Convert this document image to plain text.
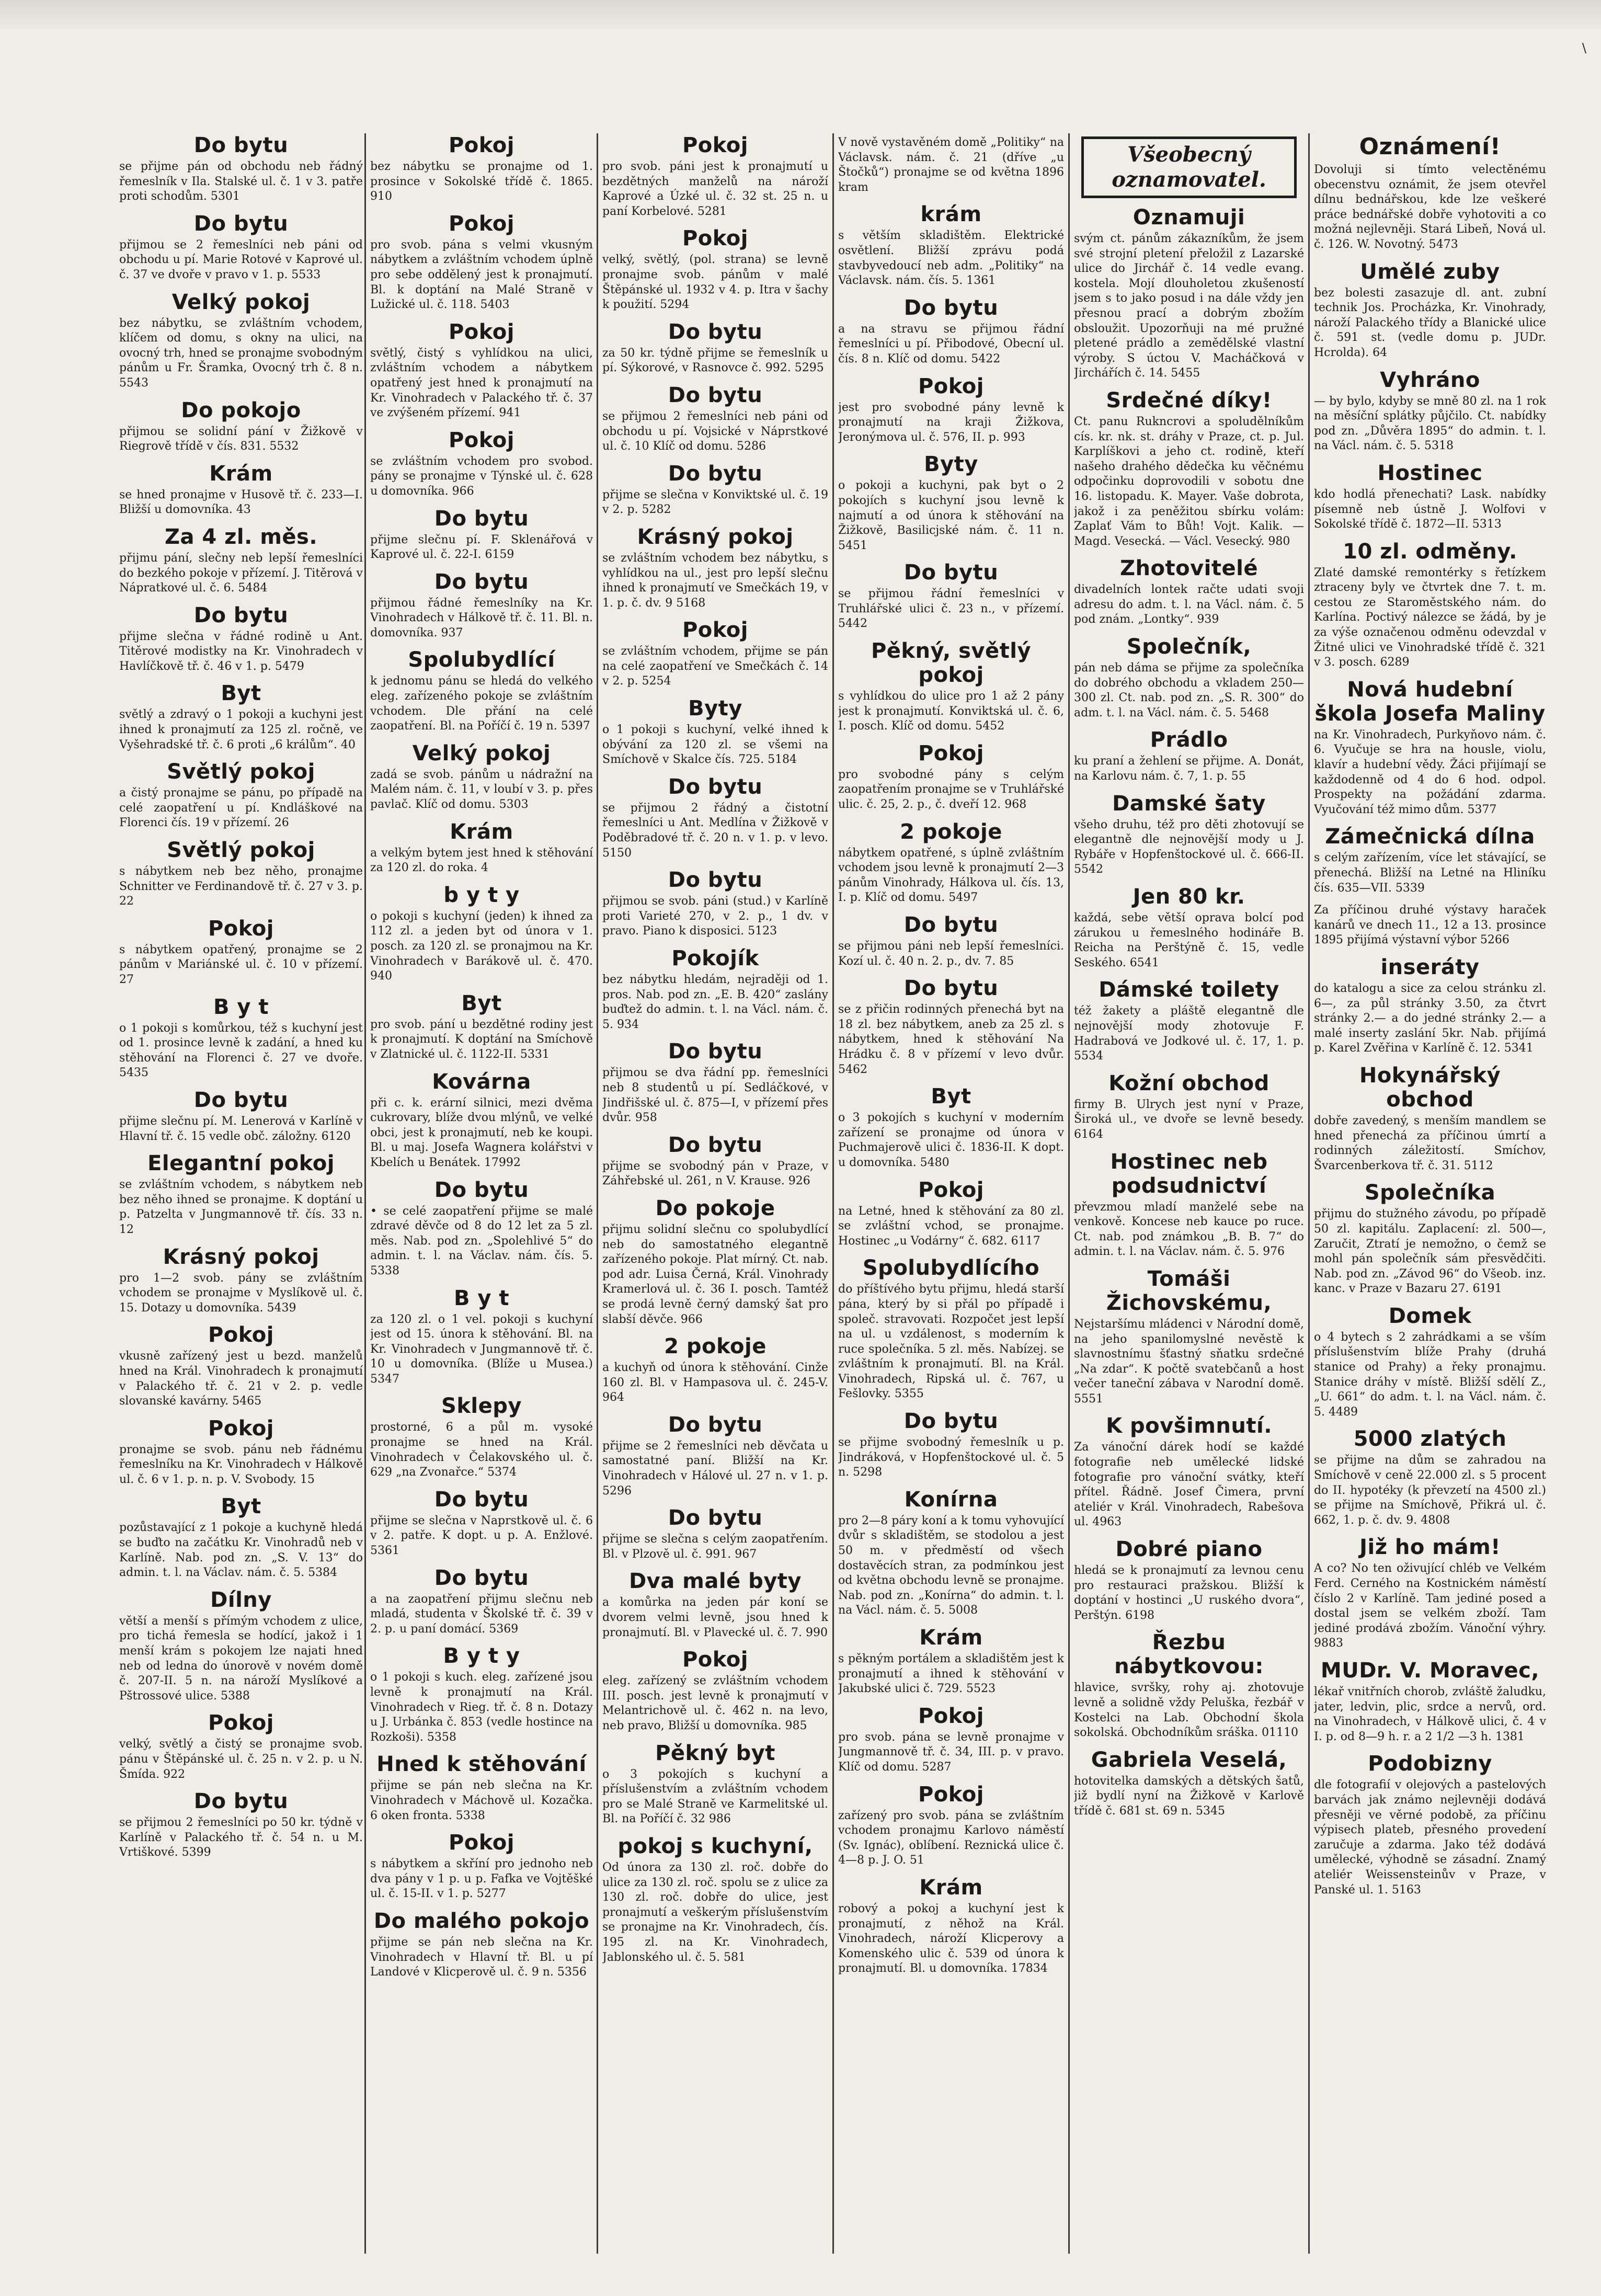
\
Do bytu
se přijme pán od obchodu neb řádný řemeslník v Ila. Stalské ul. č. 1 v 3. patře proti schodům. 5301
Do bytu
přijmou se 2 řemeslníci neb páni od obchodu u pí. Marie Rotové v Kaprové ul. č. 37 ve dvoře v pravo v 1. p. 5533
Velký pokoj
bez nábytku, se zvláštním vchodem, klíčem od domu, s okny na ulici, na ovocný trh, hned se pronajme svobodným pánům u Fr. Šramka, Ovocný trh č. 8 n. 5543
Do pokojo
přijmou se solidní pání v Žižkově v Riegrově třídě v čís. 831. 5532
Krám
se hned pronajme v Husově tř. č. 233—I. Bližší u domovníka. 43
Za 4 zl. měs.
přijmu pání, slečny neb lepší řemeslníci do bezkého pokoje v přízemí. J. Titěrová v Nápratkové ul. č. 6. 5484
Do bytu
přijme slečna v řádné rodině u Ant. Titěrové modistky na Kr. Vinohradech v Havlíčkově tř. č. 46 v 1. p. 5479
Byt
světlý a zdravý o 1 pokoji a kuchyni jest ihned k pronajmutí za 125 zl. ročně, ve Vyšehradské tř. č. 6 proti „6 králům“. 40
Světlý pokoj
a čistý pronajme se pánu, po případě na celé zaopatření u pí. Kndláškové na Florenci čís. 19 v přízemí. 26
Světlý pokoj
s nábytkem neb bez něho, pronajme Schnitter ve Ferdinandově tř. č. 27 v 3. p. 22
Pokoj
s nábytkem opatřený, pronajme se 2 pánům v Mariánské ul. č. 10 v přízemí. 27
B y t
o 1 pokoji s komůrkou, též s kuchyní jest od 1. prosince levně k zadání, a hned ku stěhování na Florenci č. 27 ve dvoře. 5435
Do bytu
přijme slečnu pí. M. Lenerová v Karlíně v Hlavní tř. č. 15 vedle obč. záložny. 6120
Elegantní pokoj
se zvláštním vchodem, s nábytkem neb bez něho ihned se pronajme. K doptání u p. Patzelta v Jungmannově tř. čís. 33 n. 12
Krásný pokoj
pro 1—2 svob. pány se zvláštním vchodem se pronajme v Myslíkově ul. č. 15. Dotazy u domovníka. 5439
Pokoj
vkusně zařízený jest u bezd. manželů hned na Král. Vinohradech k pronajmutí v Palackého tř. č. 21 v 2. p. vedle slovanské kavárny. 5465
Pokoj
pronajme se svob. pánu neb řádnému řemeslníku na Kr. Vinohradech v Hálkově ul. č. 6 v 1. p. n. p. V. Svobody. 15
Byt
pozůstavající z 1 pokoje a kuchyně hledá se buďto na začátku Kr. Vinohradů neb v Karlíně. Nab. pod zn. „S. V. 13“ do admin. t. l. na Václav. nám. č. 5. 5384
Dílny
větší a menší s přímým vchodem z ulice, pro tichá řemesla se hodící, jakož i 1 menší krám s pokojem lze najati hned neb od ledna do únorově v novém domě č. 207-II. 5 n. na nároží Myslíkové a Pštrossové ulice. 5388
Pokoj
velký, světlý a čistý se pronajme svob. pánu v Štěpánské ul. č. 25 n. v 2. p. u N. Šmída. 922
Do bytu
se přijmou 2 řemeslníci po 50 kr. týdně v Karlíně v Palackého tř. č. 54 n. u M. Vrtiškové. 5399
Pokoj
bez nábytku se pronajme od 1. prosince v Sokolské třídě č. 1865. 910
Pokoj
pro svob. pána s velmi vkusným nábytkem a zvláštním vchodem úplně pro sebe oddělený jest k pronajmutí. Bl. k doptání na Malé Straně v Lužické ul. č. 118. 5403
Pokoj
světlý, čistý s vyhlídkou na ulici, zvláštním vchodem a nábytkem opatřený jest hned k pronajmutí na Kr. Vinohradech v Palackého tř. č. 37 ve zvýšeném přízemí. 941
Pokoj
se zvláštním vchodem pro svobod. pány se pronajme v Týnské ul. č. 628 u domovníka. 966
Do bytu
přijme slečnu pí. F. Sklenářová v Kaprové ul. č. 22-I. 6159
Do bytu
přijmou řádné řemeslníky na Kr. Vinohradech v Hálkově tř. č. 11. Bl. n. domovníka. 937
Spolubydlící
k jednomu pánu se hledá do velkého eleg. zařízeného pokoje se zvláštním vchodem. Dle přání na celé zaopatření. Bl. na Poříčí č. 19 n. 5397
Velký pokoj
zadá se svob. pánům u nádražní na Malém nám. č. 11, v loubí v 3. p. přes pavlač. Klíč od domu. 5303
Krám
a velkým bytem jest hned k stěhování za 120 zl. do roka. 4
b y t y
o pokoji s kuchyní (jeden) k ihned za 112 zl. a jeden byt od února v 1. posch. za 120 zl. se pronajmou na Kr. Vinohradech v Barákově ul. č. 470. 940
Byt
pro svob. pání u bezdětné rodiny jest k pronajmutí. K doptání na Smíchově v Zlatnické ul. č. 1122-II. 5331
Kovárna
při c. k. erární silnici, mezi dvěma cukrovary, blíže dvou mlýnů, ve velké obci, jest k pronajmutí, neb ke koupi. Bl. u maj. Josefa Wagnera kolářstvi v Kbelích u Benátek. 17992
Do bytu
• se celé zaopatření přijme se malé zdravé děvče od 8 do 12 let za 5 zl. měs. Nab. pod zn. „Spolehlivé 5“ do admin. t. l. na Václav. nám. čís. 5. 5338
B y t
za 120 zl. o 1 vel. pokoji s kuchyní jest od 15. února k stěhování. Bl. na Kr. Vinohradech v Jungmannově tř. č. 10 u domovníka. (Blíže u Musea.) 5347
Sklepy
prostorné, 6 a půl m. vysoké pronajme se hned na Král. Vinohradech v Čelakovského ul. č. 629 „na Zvonařce.“ 5374
Do bytu
přijme se slečna v Naprstkově ul. č. 6 v 2. patře. K dopt. u p. A. Enžlové. 5361
Do bytu
a na zaopatření přijmu slečnu neb mladá, studenta v Školské tř. č. 39 v 2. p. u paní domácí. 5369
B y t y
o 1 pokoji s kuch. eleg. zařízené jsou levně k pronajmutí na Král. Vinohradech v Rieg. tř. č. 8 n. Dotazy u J. Urbánka č. 853 (vedle hostince na Rozkoši). 5358
Hned k stěhování
přijme se pán neb slečna na Kr. Vinohradech v Máchově ul. Kozačka. 6 oken fronta. 5338
Pokoj
s nábytkem a skříní pro jednoho neb dva pány v 1 p. u p. Fafka ve Vojtěšké ul. č. 15-II. v 1. p. 5277
Do malého pokojo
přijme se pán neb slečna na Kr. Vinohradech v Hlavní tř. Bl. u pí Landové v Klicperově ul. č. 9 n. 5356
Pokoj
pro svob. páni jest k pronajmutí u bezdětných manželů na nároží Kaprové a Úzké ul. č. 32 st. 25 n. u paní Korbelové. 5281
Pokoj
velký, světlý, (pol. strana) se levně pronajme svob. pánům v malé Štěpánské ul. 1932 v 4. p. Itra v šachy k použití. 5294
Do bytu
za 50 kr. týdně přijme se řemeslník u pí. Sýkorové, v Rasnovce č. 992. 5295
Do bytu
se přijmou 2 řemeslníci neb páni od obchodu u pí. Vojsické v Náprstkové ul. č. 10 Klíč od domu. 5286
Do bytu
přijme se slečna v Konviktské ul. č. 19 v 2. p. 5282
Krásný pokoj
se zvláštním vchodem bez nábytku, s vyhlídkou na ul., jest pro lepší slečnu ihned k pronajmutí ve Smečkách 19, v 1. p. č. dv. 9 5168
Pokoj
se zvláštním vchodem, přijme se pán na celé zaopatření ve Smečkách č. 14 v 2. p. 5254
Byty
o 1 pokoji s kuchyní, velké ihned k obývání za 120 zl. se všemi na Smíchově v Skalce čís. 725. 5184
Do bytu
se přijmou 2 řádný a čistotní řemeslníci u Ant. Medlína v Žižkově v Poděbradové tř. č. 20 n. v 1. p. v levo. 5150
Do bytu
přijmou se svob. páni (stud.) v Karlíně proti Varieté 270, v 2. p., 1 dv. v pravo. Piano k disposici. 5123
Pokojík
bez nábytku hledám, nejraději od 1. pros. Nab. pod zn. „E. B. 420“ zaslány buďtež do admin. t. l. na Václ. nám. č. 5. 934
Do bytu
přijmou se dva řádní pp. řemeslníci neb 8 studentů u pí. Sedláčkové, v Jindřišské ul. č. 875—I, v přízemí přes dvůr. 958
Do bytu
přijme se svobodný pán v Praze, v Záhřebské ul. 261, n V. Krause. 926
Do pokoje
přijmu solidní slečnu co spolubydlící neb do samostatného elegantně zařízeného pokoje. Plat mírný. Ct. nab. pod adr. Luisa Černá, Král. Vinohrady Kramerlová ul. č. 36 I. posch. Tamtéž se prodá levně černý damský šat pro slabší děvče. 966
2 pokoje
a kuchyň od února k stěhování. Cinže 160 zl. Bl. v Hampasova ul. č. 245-V. 964
Do bytu
přijme se 2 řemeslníci neb děvčata u samostatné paní. Bližší na Kr. Vinohradech v Hálové ul. 27 n. v 1. p. 5296
Do bytu
přijme se slečna s celým zaopatřením. Bl. v Plzově ul. č. 991. 967
Dva malé byty
a komůrka na jeden pár koní se dvorem velmi levně, jsou hned k pronajmutí. Bl. v Plavecké ul. č. 7. 990
Pokoj
eleg. zařízený se zvláštním vchodem III. posch. jest levně k pronajmutí v Melantrichově ul. č. 462 n. na levo, neb pravo, Bližší u domovníka. 985
Pěkný byt
o 3 pokojích s kuchyní a příslušenstvím a zvláštním vchodem pro se Malé Straně ve Karmelitské ul. Bl. na Poříčí č. 32 986
pokoj s kuchyní,
Od února za 130 zl. roč. dobře do ulice za 130 zl. roč. spolu se z ulice za 130 zl. roč. dobře do ulice, jest pronajmutí a veškerým příslušenstvím se pronajme na Kr. Vinohradech, čís. 195 zl. na Kr. Vinohradech, Jablonského ul. č. 5. 581
V nově vystavěném domě „Politiky“ na Václavsk. nám. č. 21 (dříve „u Štočků“) pronajme se od května 1896 kram
krám
s větším skladištěm. Elektrické osvětlení. Bližší zprávu podá stavbyvedoucí neb adm. „Politiky“ na Václavsk. nám. čís. 5. 1361
Do bytu
a na stravu se přijmou řádní řemeslníci u pí. Přibodové, Obecní ul. čís. 8 n. Klíč od domu. 5422
Pokoj
jest pro svobodné pány levně k pronajmutí na kraji Žižkova, Jeronýmova ul. č. 576, II. p. 993
Byty
o pokoji a kuchyni, pak byt o 2 pokojích s kuchyní jsou levně k najmutí a od února k stěhování na Žižkově, Basilicjské nám. č. 11 n. 5451
Do bytu
se přijmou řádní řemeslníci v Truhlářské ulici č. 23 n., v přízemí. 5442
Pěkný, světlý pokoj
s vyhlídkou do ulice pro 1 až 2 pány jest k pronajmutí. Konviktská ul. č. 6, I. posch. Klíč od domu. 5452
Pokoj
pro svobodné pány s celým zaopatřením pronajme se v Truhlářské ulic. č. 25, 2. p., č. dveří 12. 968
2 pokoje
nábytkem opatřené, s úplně zvláštním vchodem jsou levně k pronajmutí 2—3 pánům Vinohrady, Hálkova ul. čís. 13, I. p. Klíč od domu. 5497
Do bytu
se přijmou páni neb lepší řemeslníci. Kozí ul. č. 40 n. 2. p., dv. 7. 85
Do bytu
se z přičin rodinných přenechá byt na 18 zl. bez nábytkem, aneb za 25 zl. s nábytkem, hned k stěhování Na Hrádku č. 8 v přízemí v levo dvůr. 5462
Byt
o 3 pokojích s kuchyní v moderním zařízení se pronajme od února v Puchmajerově ulici č. 1836-II. K dopt. u domovníka. 5480
Pokoj
na Letné, hned k stěhování za 80 zl. se zvláštní vchod, se pronajme. Hostinec „u Vodárny“ č. 682. 6117
Spolubydlícího
do příštívého bytu přijmu, hledá starší pána, který by si přál po případě i společ. stravovati. Rozpočet jest lepší na ul. u vzdálenost, s moderním k ruce společníka. 5 zl. měs. Nabízej. se zvláštním k pronajmutí. Bl. na Král. Vinohradech, Ripská ul. č. 767, u Fešlovky. 5355
Do bytu
se přijme svobodný řemeslník u p. Jindráková, v Hopfenštockové ul. č. 5 n. 5298
Konírna
pro 2—8 páry koní a k tomu vyhovující dvůr s skladištěm, se stodolou a jest 50 m. v předměstí od všech dostavěcích stran, za podmínkou jest od května obchodu levně se pronajme. Nab. pod zn. „Konírna“ do admin. t. l. na Václ. nám. č. 5. 5008
Krám
s pěkným portálem a skladištěm jest k pronajmutí a ihned k stěhování v Jakubské ulici č. 729. 5523
Pokoj
pro svob. pána se levně pronajme v Jungmannově tř. č. 34, III. p. v pravo. Klíč od domu. 5287
Pokoj
zařízený pro svob. pána se zvláštním vchodem pronajmu Karlovo náměstí (Sv. Ignác), oblíbení. Reznická ulice č. 4—8 p. J. O. 51
Krám
robový a pokoj a kuchyní jest k pronajmutí, z něhož na Král. Vinohradech, nároží Klicperovy a Komenského ulic č. 539 od února k pronajmutí. Bl. u domovníka. 17834
Všeobecný
oznamovatel.
Oznamuji
svým ct. pánům zákazníkům, že jsem své strojní pletení přeložil z Lazarské ulice do Jirchář č. 14 vedle evang. kostela. Mojí dlouholetou zkušeností jsem s to jako posud i na dále vždy jen přesnou prací a dobrým zbožím obsloužit. Upozorňuji na mé pružné pletené prádlo a zemědělské vlastní výroby. S úctou V. Macháčková v Jirchářích č. 14. 5455
Srdečné díky!
Ct. panu Rukncrovi a spoludělníkům cís. kr. nk. st. dráhy v Praze, ct. p. Jul. Karplíškovi a jeho ct. rodině, kteří našeho drahého dědečka ku věčnému odpočinku doprovodili v sobotu dne 16. listopadu. K. Mayer. Vaše dobrota, jakož i za peněžitou sbírku volám: Zaplať Vám to Bůh! Vojt. Kalik. — Magd. Vesecká. — Václ. Vesecký. 980
Zhotovitelé
divadelních lontek račte udati svoji adresu do adm. t. l. na Václ. nám. č. 5 pod znám. „Lontky“. 939
Společník,
pán neb dáma se přijme za společníka do dobrého obchodu a vkladem 250—300 zl. Ct. nab. pod zn. „S. R. 300“ do adm. t. l. na Václ. nám. č. 5. 5468
Prádlo
ku praní a žehlení se přijme. A. Donát, na Karlovu nám. č. 7, 1. p. 55
Damské šaty
všeho druhu, též pro děti zhotovují se elegantně dle nejnovější mody u J. Rybáře v Hopfenštockové ul. č. 666-II. 5542
Jen 80 kr.
každá, sebe větší oprava bolcí pod zárukou u řemeslného hodináře B. Reicha na Perštýně č. 15, vedle Seského. 6541
Dámské toilety
též žakety a pláště elegantně dle nejnovější mody zhotovuje F. Hadrabová ve Jodkové ul. č. 17, 1. p. 5534
Kožní obchod
firmy B. Ulrych jest nyní v Praze, Široká ul., ve dvoře se levně besedy. 6164
Hostinec neb podsudnictví
převzmou mladí manželé sebe na venkově. Koncese neb kauce po ruce. Ct. nab. pod známkou „B. B. 7“ do admin. t. l. na Václav. nám. č. 5. 976
Tomáši Žichovskému,
Nejstaršímu mládenci v Národní domě, na jeho spanilomyslné nevěstě k slavnostnímu šťastný sňatku srdečné „Na zdar“. K počtě svatebčanů a host večer taneční zábava v Narodní domě. 5551
K povšimnutí.
Za vánoční dárek hodí se každé fotografie neb umělecké lidské fotografie pro vánoční svátky, kteří přítel. Řádně. Josef Čimera, první ateliér v Král. Vinohradech, Rabešova ul. 4963
Dobré piano
hledá se k pronajmutí za levnou cenu pro restauraci pražskou. Bližší k doptání v hostinci „U ruského dvora“, Perštýn. 6198
Řezbu nábytkovou:
hlavice, svršky, rohy aj. zhotovuje levně a solidně vždy Peluška, řezbář v Kostelci na Lab. Obchodní škola sokolská. Obchodníkům sráška. 01110
Gabriela Veselá,
hotovitelka damských a dětských šatů, již bydlí nyní na Žižkově v Karlově třídě č. 681 st. 69 n. 5345
Oznámení!
Dovoluji si tímto velectěnému obecenstvu oznámit, že jsem otevřel dílnu bednářskou, kde lze veškeré práce bednářské dobře vyhotoviti a co možná nejlevněji. Stará Libeň, Nová ul. č. 126. W. Novotný. 5473
Umělé zuby
bez bolesti zasazuje dl. ant. zubní technik Jos. Procházka, Kr. Vinohrady, nároží Palackého třídy a Blanické ulice č. 591 st. (vedle domu p. JUDr. Hcrolda). 64
Vyhráno
— by bylo, kdyby se mně 80 zl. na 1 rok na měsíční splátky půjčilo. Ct. nabídky pod zn. „Důvěra 1895“ do admin. t. l. na Václ. nám. č. 5. 5318
Hostinec
kdo hodlá přenechati? Lask. nabídky písemně neb ústně J. Wolfovi v Sokolské třídě č. 1872—II. 5313
10 zl. odměny.
Zlaté damské remontérky s řetízkem ztraceny byly ve čtvrtek dne 7. t. m. cestou ze Staroměstského nám. do Karlína. Poctivý nálezce se žádá, by je za výše označenou odměnu odevzdal v Žitné ulici ve Vinohradské třídě č. 321 v 3. posch. 6289
Nová hudební škola Josefa Maliny
na Kr. Vinohradech, Purkyňovo nám. č. 6. Vyučuje se hra na housle, violu, klavír a hudební vědy. Žáci přijímají se každodenně od 4 do 6 hod. odpol. Prospekty na požádání zdarma. Vyučování též mimo dům. 5377
Zámečnická dílna
s celým zařízením, více let stávající, se přenechá. Bližší na Letné na Hliníku čís. 635—VII. 5339
Za příčinou druhé výstavy haraček kanárů ve dnech 11., 12 a 13. prosince 1895 přijímá výstavní výbor 5266
inseráty
do katalogu a sice za celou stránku zl. 6—, za půl stránky 3.50, za čtvrt stránky 2.— a do jedné stránky 2.— a malé inserty zaslání 5kr. Nab. přijímá p. Karel Zvěřina v Karlíně č. 12. 5341
Hokynářský obchod
dobře zavedený, s menším mandlem se hned přenechá za příčinou úmrtí a rodinných záležitostí. Smíchov, Švarcenberkova tř. č. 31. 5112
Společníka
přijmu do stužného závodu, po případě 50 zl. kapitálu. Zaplacení: zl. 500—, Zaručit, Ztratí je nemožno, o čemž se mohl pán společník sám přesvědčiti. Nab. pod zn. „Závod 96“ do Všeob. inz. kanc. v Praze v Bazaru 27. 6191
Domek
o 4 bytech s 2 zahrádkami a se vším příslušenstvím blíže Prahy (druhá stanice od Prahy) a řeky pronajmu. Stanice dráhy v místě. Bližší sdělí Z., „U. 661“ do adm. t. l. na Václ. nám. č. 5. 4489
5000 zlatých
se přijme na dům se zahradou na Smíchově v ceně 22.000 zl. s 5 procent do II. hypotéky (k převzetí na 4500 zl.) se přijme na Smíchově, Přikrá ul. č. 662, 1. p. č. dv. 9. 4808
Již ho mám!
A co? No ten oživující chléb ve Velkém Ferd. Cerného na Kostnickém náměstí číslo 2 v Karlíně. Tam jediné posed a dostal jsem se velkém zboží. Tam jediné prodává zbožím. Vánoční výhry. 9883
MUDr. V. Moravec,
lékař vnitřních chorob, zvláště žaludku, jater, ledvin, plic, srdce a nervů, ord. na Vinohradech, v Hálkově ulici, č. 4 v I. p. od 8—9 h. r. a 2 1/2 —3 h. 1381
Podobizny
dle fotografií v olejových a pastelových barvách jak známo nejlevněji dodává přesněji ve věrné podobě, za příčinu výpisech plateb, přesného provedení zaručuje a zdarma. Jako též dodává umělecké, výhodně se zásadní. Znamý ateliér Weissensteinův v Praze, v Panské ul. 1. 5163
